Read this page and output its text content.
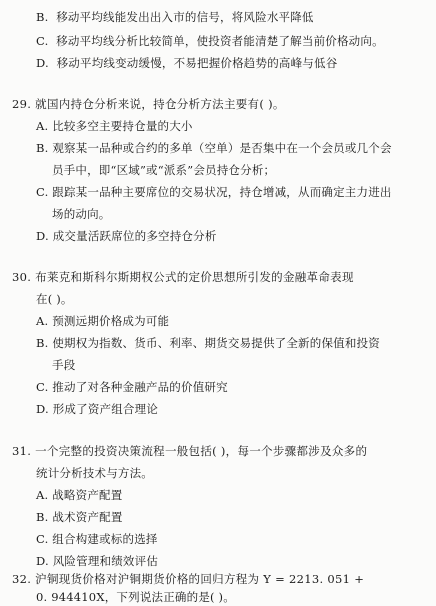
B. 移动平均线能发出出入市的信号，将风险水平降低
C. 移动平均线分析比较简单，使投资者能清楚了解当前价格动向。
D. 移动平均线变动缓慢，不易把握价格趋势的高峰与低谷
29. 就国内持仓分析来说，持仓分析方法主要有( )。
A. 比较多空主要持仓量的大小
B. 观察某一品种或合约的多单（空单）是否集中在一个会员或几个会
员手中，即“区域”或“派系”会员持仓分析；
C. 跟踪某一品种主要席位的交易状况，持仓增减，从而确定主力进出
场的动向。
D. 成交量活跃席位的多空持仓分析
30. 布莱克和斯科尔斯期权公式的定价思想所引发的金融革命表现
在( )。
A. 预测远期价格成为可能
B. 使期权为指数、货币、利率、期货交易提供了全新的保值和投资
手段
C. 推动了对各种金融产品的价值研究
D. 形成了资产组合理论
31. 一个完整的投资决策流程一般包括( )，每一个步骤都涉及众多的
统计分析技术与方法。
A. 战略资产配置
B. 战术资产配置
C. 组合构建或标的选择
D. 风险管理和绩效评估
32. 沪铜现货价格对沪铜期货价格的回归方程为 Y = 2213. 051 +
0. 944410X，下列说法正确的是( )。
